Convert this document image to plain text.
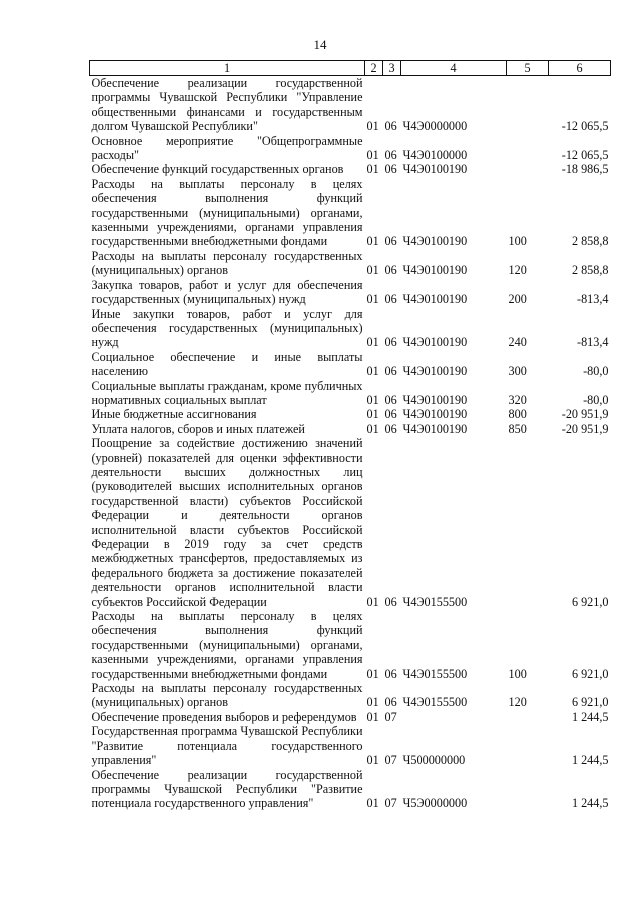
14
1	2	3	4	5	6

Обеспечение реализации государственной программы Чувашской Республики "Управление общественными финансами и государственным долгом Чувашской Республики"	01	06	Ч4Э0000000		-12 065,5

Основное мероприятие "Общепрограммные расходы"	01	06	Ч4Э0100000		-12 065,5

Обеспечение функций государственных органов	01	06	Ч4Э0100190		-18 986,5

Расходы на выплаты персоналу в целях обеспечения выполнения функций государственными (муниципальными) органами, казенными учреждениями, органами управления государственными внебюджетными фондами	01	06	Ч4Э0100190	100	2 858,8

Расходы на выплаты персоналу государственных (муниципальных) органов	01	06	Ч4Э0100190	120	2 858,8

Закупка товаров, работ и услуг для обеспечения государственных (муниципальных) нужд	01	06	Ч4Э0100190	200	-813,4

Иные закупки товаров, работ и услуг для обеспечения государственных (муниципальных) нужд	01	06	Ч4Э0100190	240	-813,4

Социальное обеспечение и иные выплаты населению	01	06	Ч4Э0100190	300	-80,0

Социальные выплаты гражданам, кроме публичных нормативных социальных выплат	01	06	Ч4Э0100190	320	-80,0

Иные бюджетные ассигнования	01	06	Ч4Э0100190	800	-20 951,9

Уплата налогов, сборов и иных платежей	01	06	Ч4Э0100190	850	-20 951,9

Поощрение за содействие достижению значений (уровней) показателей для оценки эффективности деятельности высших должностных лиц (руководителей высших исполнительных органов государственной власти) субъектов Российской Федерации и деятельности органов исполнительной власти субъектов Российской Федерации в 2019 году за счет средств межбюджетных трансфертов, предоставляемых из федерального бюджета за достижение показателей деятельности органов исполнительной власти субъектов Российской Федерации	01	06	Ч4Э0155500		6 921,0

Расходы на выплаты персоналу в целях обеспечения выполнения функций государственными (муниципальными) органами, казенными учреждениями, органами управления государственными внебюджетными фондами	01	06	Ч4Э0155500	100	6 921,0

Расходы на выплаты персоналу государственных (муниципальных) органов	01	06	Ч4Э0155500	120	6 921,0

Обеспечение проведения выборов и референдумов	01	07			1 244,5

Государственная программа Чувашской Республики "Развитие потенциала государственного управления"	01	07	Ч500000000		1 244,5

Обеспечение реализации государственной программы Чувашской Республики "Развитие потенциала государственного управления"	01	07	Ч5Э0000000		1 244,5
